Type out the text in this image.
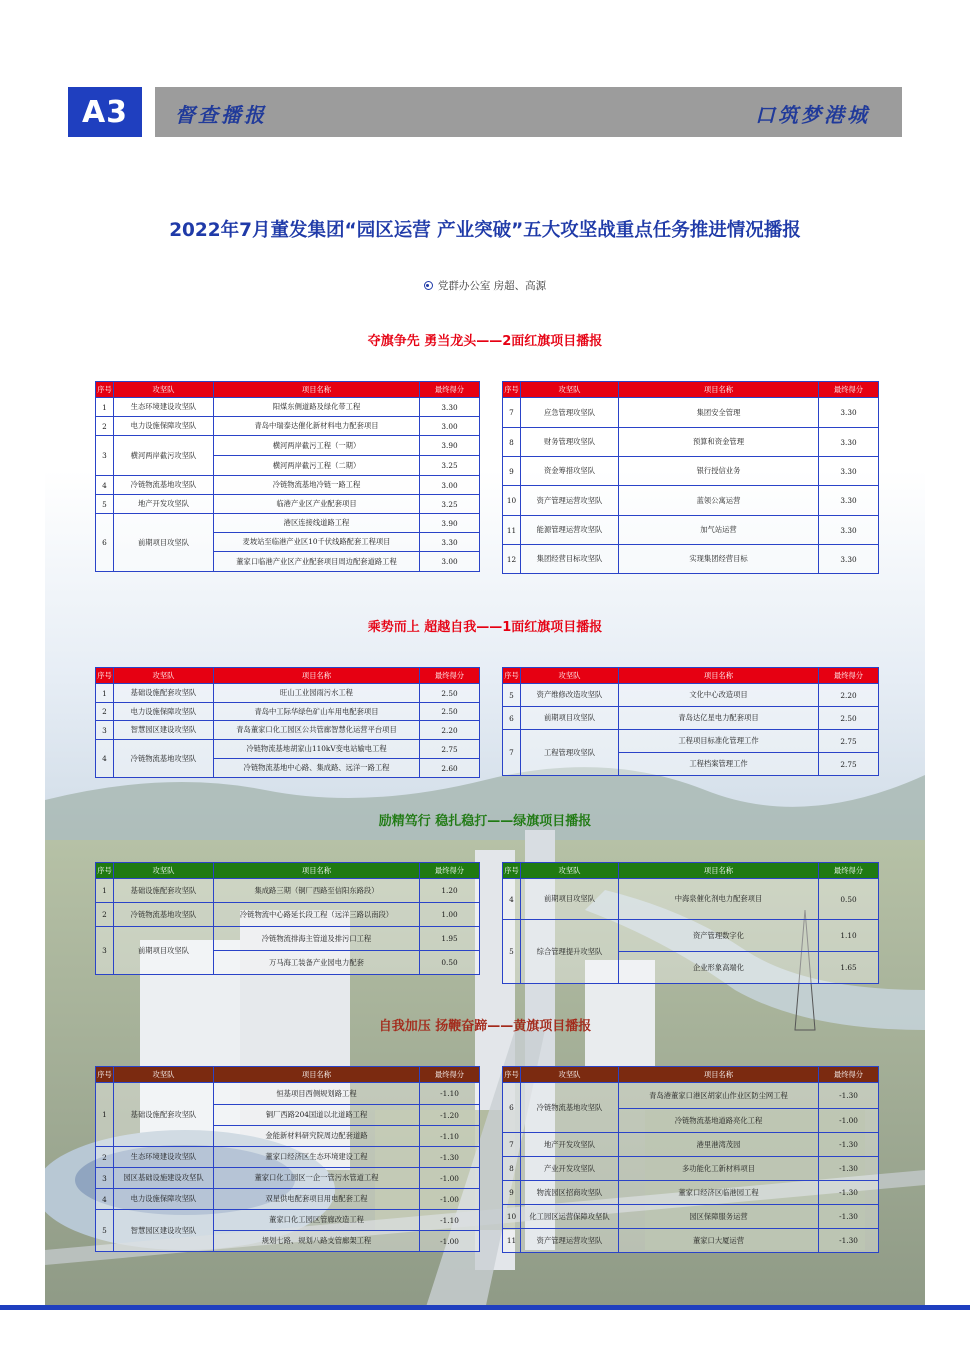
A3	督查播报	口筑梦港城
2022年7月董发集团“园区运营 产业突破”五大攻坚战重点任务推进情况播报
党群办公室 房超、高源
夺旗争先 勇当龙头——2面红旗项目播报
序号	攻坚队	项目名称	最终得分
1	生态环境建设攻坚队	阳煤东侧道路及绿化带工程	3.30
2	电力设施保障攻坚队	青岛中瑞泰达催化新材料电力配套项目	3.00
3	横河两岸截污攻坚队	横河两岸截污工程（一期）	3.90
		横河两岸截污工程（二期）	3.25
4	冷链物流基地攻坚队	冷链物流基地冷链一路工程	3.00
5	地产开发攻坚队	临港产业区产业配套项目	3.25
6	前期项目攻坚队	港区连接线道路工程	3.90
		麦坡站至临港产业区10千伏线路配套工程项目	3.30
		董家口临港产业区产业配套项目周边配套道路工程	3.00
序号	攻坚队	项目名称	最终得分
7	应急管理攻坚队	集团安全管理	3.30
8	财务管理攻坚队	预算和资金管理	3.30
9	资金筹措攻坚队	银行授信业务	3.30
10	资产管理运营攻坚队	蓝领公寓运营	3.30
11	能源管理运营攻坚队	加气站运营	3.30
12	集团经营目标攻坚队	实现集团经营目标	3.30
乘势而上 超越自我——1面红旗项目播报
序号	攻坚队	项目名称	最终得分
1	基础设施配套攻坚队	旺山工业园雨污水工程	2.50
2	电力设施保障攻坚队	青岛中工际华绿色矿山车用电配套项目	2.50
3	智慧园区建设攻坚队	青岛董家口化工园区公共管廊智慧化运营平台项目	2.20
4	冷链物流基地攻坚队	冷链物流基地胡家山110kV变电站输电工程	2.75
		冷链物流基地中心路、集成路、远洋一路工程	2.60
序号	攻坚队	项目名称	最终得分
5	资产维修改造攻坚队	文化中心改造项目	2.20
6	前期项目攻坚队	青岛达亿星电力配套项目	2.50
7	工程管理攻坚队	工程项目标准化管理工作	2.75
		工程档案管理工作	2.75
励精笃行 稳扎稳打——绿旗项目播报
序号	攻坚队	项目名称	最终得分
1	基础设施配套攻坚队	集成路三期（铜厂西路至信阳东路段）	1.20
2	冷链物流基地攻坚队	冷链物流中心路延长段工程（远洋三路以南段）	1.00
3	前期项目攻坚队	冷链物流排海主管道及排污口工程	1.95
		万马海工装备产业园电力配套	0.50
序号	攻坚队	项目名称	最终得分
4	前期项目攻坚队	中海泉催化剂电力配套项目	0.50
5	综合管理提升攻坚队	资产管理数字化	1.10
		企业形象高端化	1.65
自我加压 扬鞭奋蹄——黄旗项目播报
序号	攻坚队	项目名称	最终得分
1	基础设施配套攻坚队	恒基项目西侧规划路工程	-1.10
		铜厂西路204国道以北道路工程	-1.20
		金能新材料研究院周边配套道路	-1.10
2	生态环境建设攻坚队	董家口经济区生态环境建设工程	-1.30
3	园区基础设施建设攻坚队	董家口化工园区一企一管污水管道工程	-1.00
4	电力设施保障攻坚队	双星供电配套项目用电配套工程	-1.00
5	智慧园区建设攻坚队	董家口化工园区管廊改造工程	-1.10
		规划七路、规划八路支管廊架工程	-1.00
序号	攻坚队	项目名称	最终得分
6	冷链物流基地攻坚队	青岛港董家口港区胡家山作业区防尘网工程	-1.30
		冷链物流基地道路亮化工程	-1.00
7	地产开发攻坚队	港里港湾茂园	-1.30
8	产业开发攻坚队	多功能化工新材料项目	-1.30
9	物流园区招商攻坚队	董家口经济区临港园工程	-1.30
10	化工园区运营保障攻坚队	园区保障服务运营	-1.30
11	资产管理运营攻坚队	董家口大厦运营	-1.30
